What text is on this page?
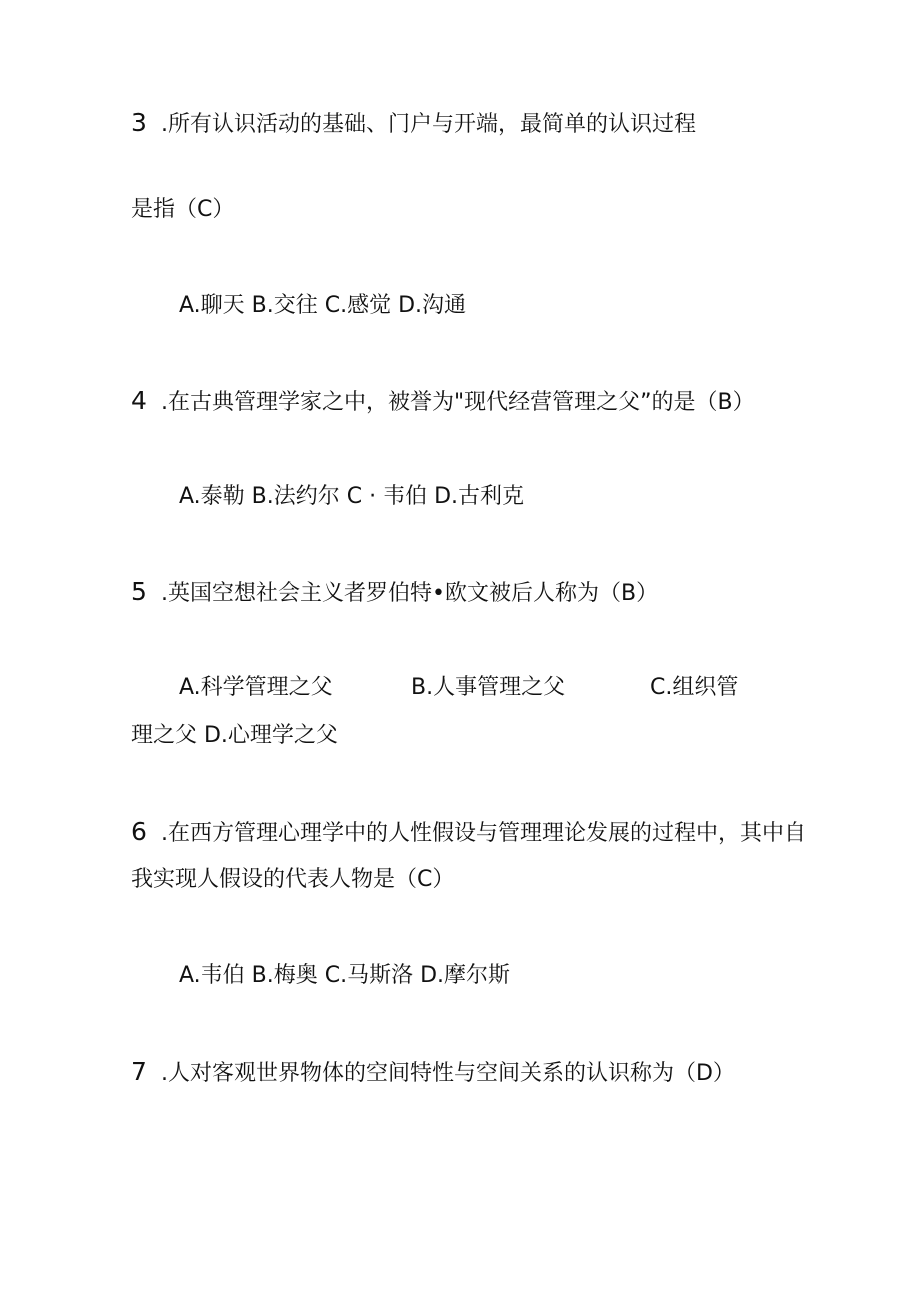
3 .所有认识活动的基础、门户与开端，最简单的认识过程
是指（C）
A.聊天 B.交往 C.感觉 D.沟通
4 .在古典管理学家之中，被誉为"现代经营管理之父”的是（B）
A.泰勒 B.法约尔 C · 韦伯 D.古利克
5 .英国空想社会主义者罗伯特•欧文被后人称为（B）
A.科学管理之父	B.人事管理之父	C.组织管
理之父 D.心理学之父
6 .在西方管理心理学中的人性假设与管理理论发展的过程中，其中自
我实现人假设的代表人物是（C）
A.韦伯 B.梅奥 C.马斯洛 D.摩尔斯
7 .人对客观世界物体的空间特性与空间关系的认识称为（D）
